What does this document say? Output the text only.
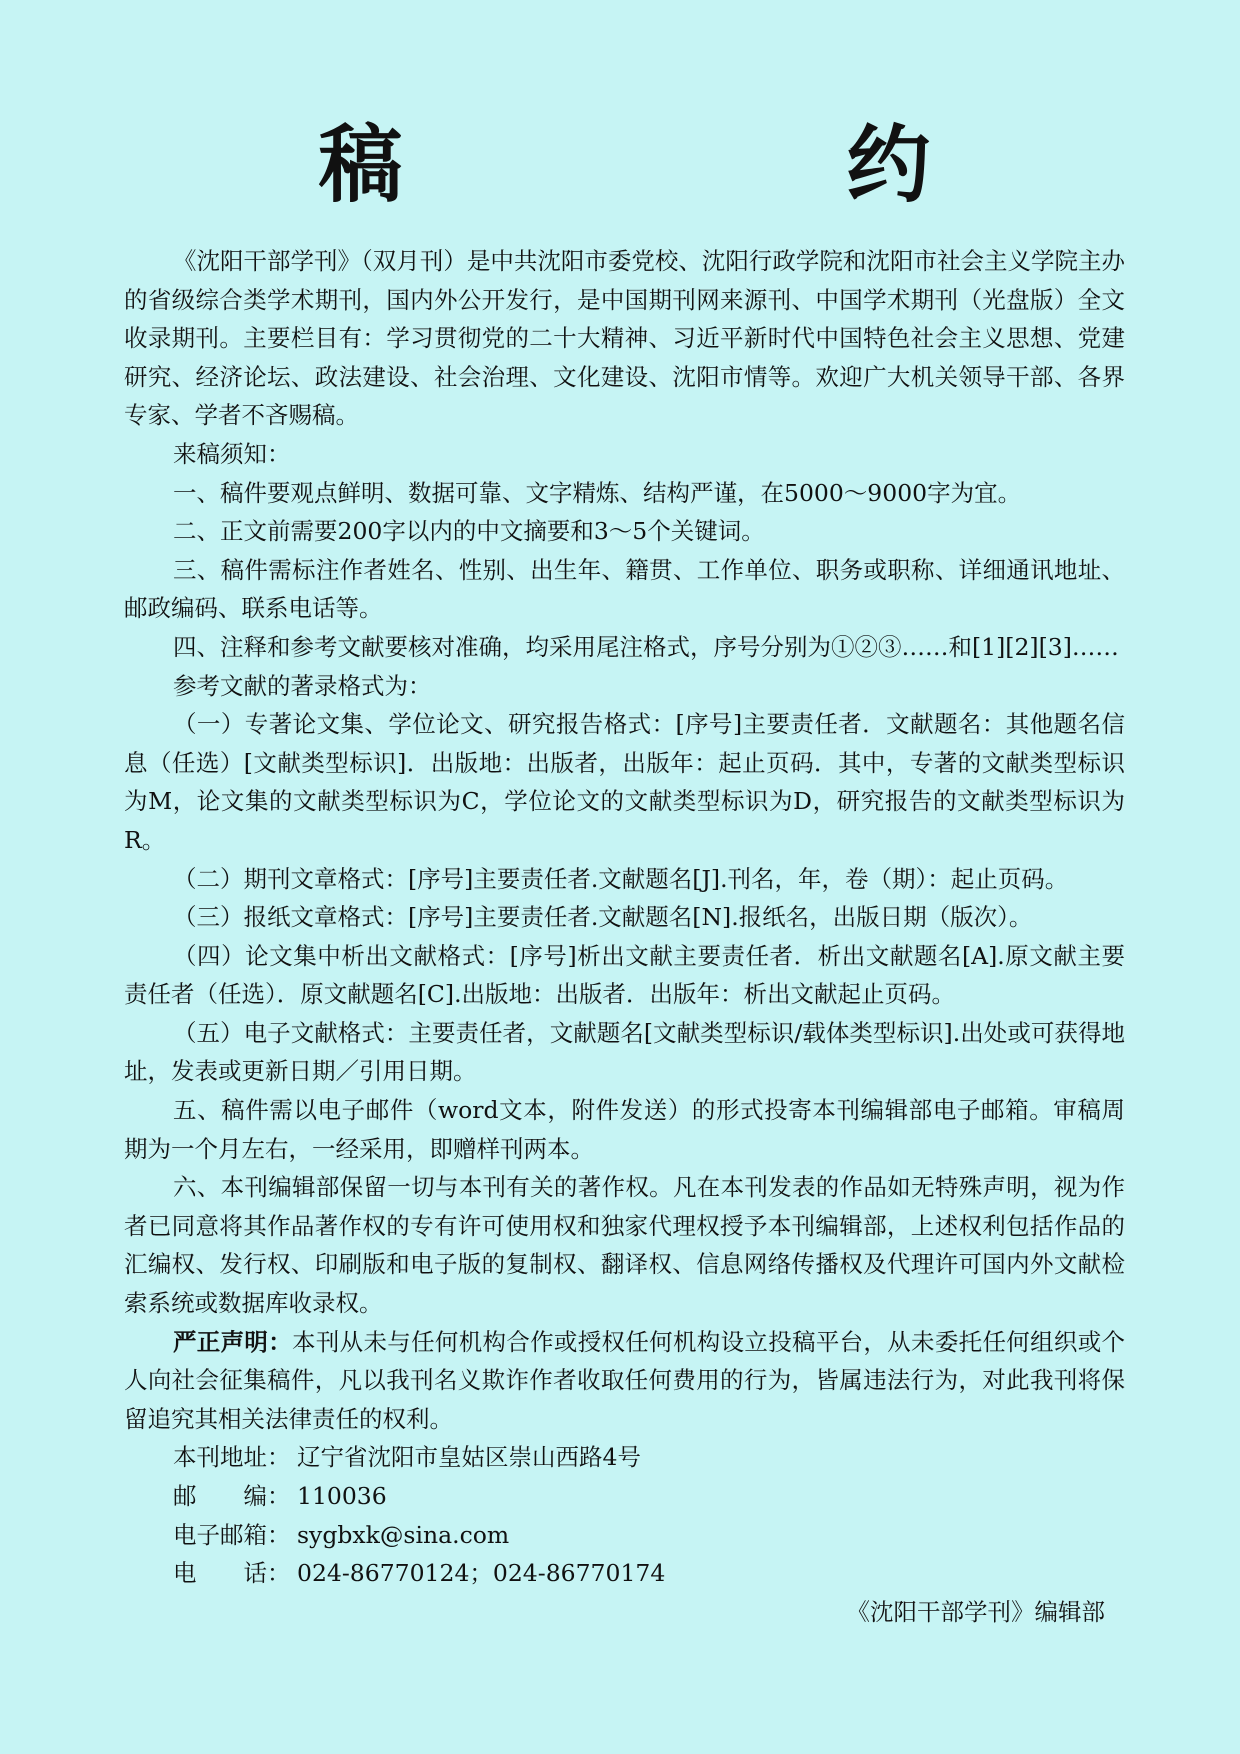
稿　约

《沈阳干部学刊》（双月刊）是中共沈阳市委党校、沈阳行政学院和沈阳市社会主义学院主办的省级综合类学术期刊，国内外公开发行，是中国期刊网来源刊、中国学术期刊（光盘版）全文收录期刊。主要栏目有：学习贯彻党的二十大精神、习近平新时代中国特色社会主义思想、党建研究、经济论坛、政法建设、社会治理、文化建设、沈阳市情等。欢迎广大机关领导干部、各界专家、学者不吝赐稿。

来稿须知：

一、稿件要观点鲜明、数据可靠、文字精炼、结构严谨，在5000～9000字为宜。

二、正文前需要200字以内的中文摘要和3～5个关键词。

三、稿件需标注作者姓名、性别、出生年、籍贯、工作单位、职务或职称、详细通讯地址、邮政编码、联系电话等。

四、注释和参考文献要核对准确，均采用尾注格式，序号分别为①②③……和[1][2][3]……

参考文献的著录格式为：

（一）专著论文集、学位论文、研究报告格式：[序号]主要责任者．文献题名：其他题名信息（任选）[文献类型标识]．出版地：出版者，出版年：起止页码．其中，专著的文献类型标识为M，论文集的文献类型标识为C，学位论文的文献类型标识为D，研究报告的文献类型标识为R。

（二）期刊文章格式：[序号]主要责任者.文献题名[J].刊名，年，卷（期）：起止页码。

（三）报纸文章格式：[序号]主要责任者.文献题名[N].报纸名，出版日期（版次）。

（四）论文集中析出文献格式：[序号]析出文献主要责任者．析出文献题名[A].原文献主要责任者（任选）．原文献题名[C].出版地：出版者．出版年：析出文献起止页码。

（五）电子文献格式：主要责任者，文献题名[文献类型标识/载体类型标识].出处或可获得地址，发表或更新日期／引用日期。

五、稿件需以电子邮件（word文本，附件发送）的形式投寄本刊编辑部电子邮箱。审稿周期为一个月左右，一经采用，即赠样刊两本。

六、本刊编辑部保留一切与本刊有关的著作权。凡在本刊发表的作品如无特殊声明，视为作者已同意将其作品著作权的专有许可使用权和独家代理权授予本刊编辑部，上述权利包括作品的汇编权、发行权、印刷版和电子版的复制权、翻译权、信息网络传播权及代理许可国内外文献检索系统或数据库收录权。

严正声明：本刊从未与任何机构合作或授权任何机构设立投稿平台，从未委托任何组织或个人向社会征集稿件，凡以我刊名义欺诈作者收取任何费用的行为，皆属违法行为，对此我刊将保留追究其相关法律责任的权利。

本刊地址： 辽宁省沈阳市皇姑区崇山西路4号
邮　　编： 110036
电子邮箱： sygbxk@sina.com
电　　话： 024-86770124；024-86770174
《沈阳干部学刊》编辑部
